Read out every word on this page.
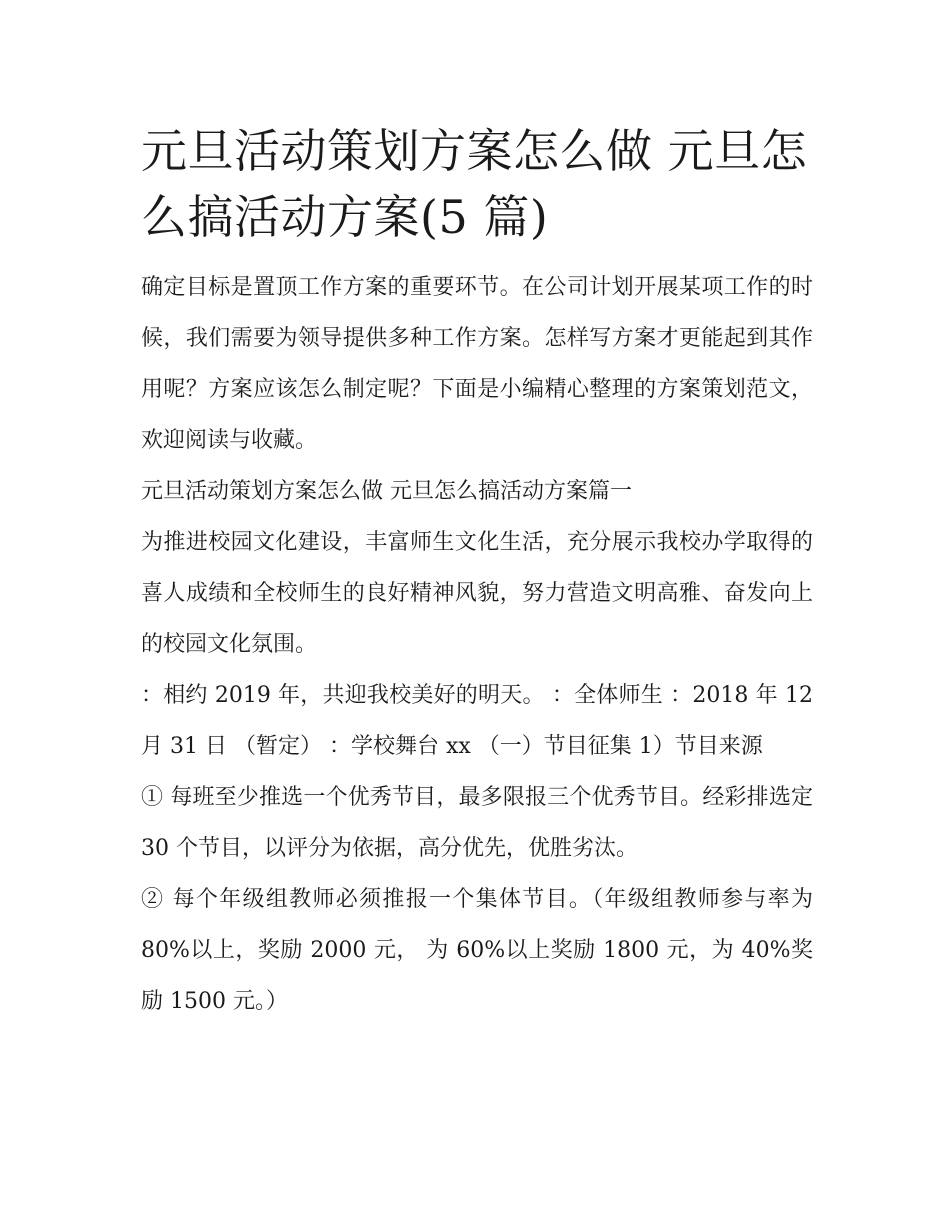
元旦活动策划方案怎么做 元旦怎么搞活动方案(5 篇)

确定目标是置顶工作方案的重要环节。在公司计划开展某项工作的时候，我们需要为领导提供多种工作方案。怎样写方案才更能起到其作用呢？方案应该怎么制定呢？下面是小编精心整理的方案策划范文，欢迎阅读与收藏。

元旦活动策划方案怎么做 元旦怎么搞活动方案篇一

为推进校园文化建设，丰富师生文化生活，充分展示我校办学取得的喜人成绩和全校师生的良好精神风貌，努力营造文明高雅、奋发向上的校园文化氛围。

：相约 2019 年，共迎我校美好的明天。 ：全体师生 ：2018 年 12 月 31 日 （暂定） ：学校舞台 xx （一）节目征集 1）节目来源

① 每班至少推选一个优秀节目，最多限报三个优秀节目。经彩排选定 30 个节目，以评分为依据，高分优先，优胜劣汰。

② 每个年级组教师必须推报一个集体节目。（年级组教师参与率为 80%以上，奖励 2000 元， 为 60%以上奖励 1800 元，为 40%奖励 1500 元。）
